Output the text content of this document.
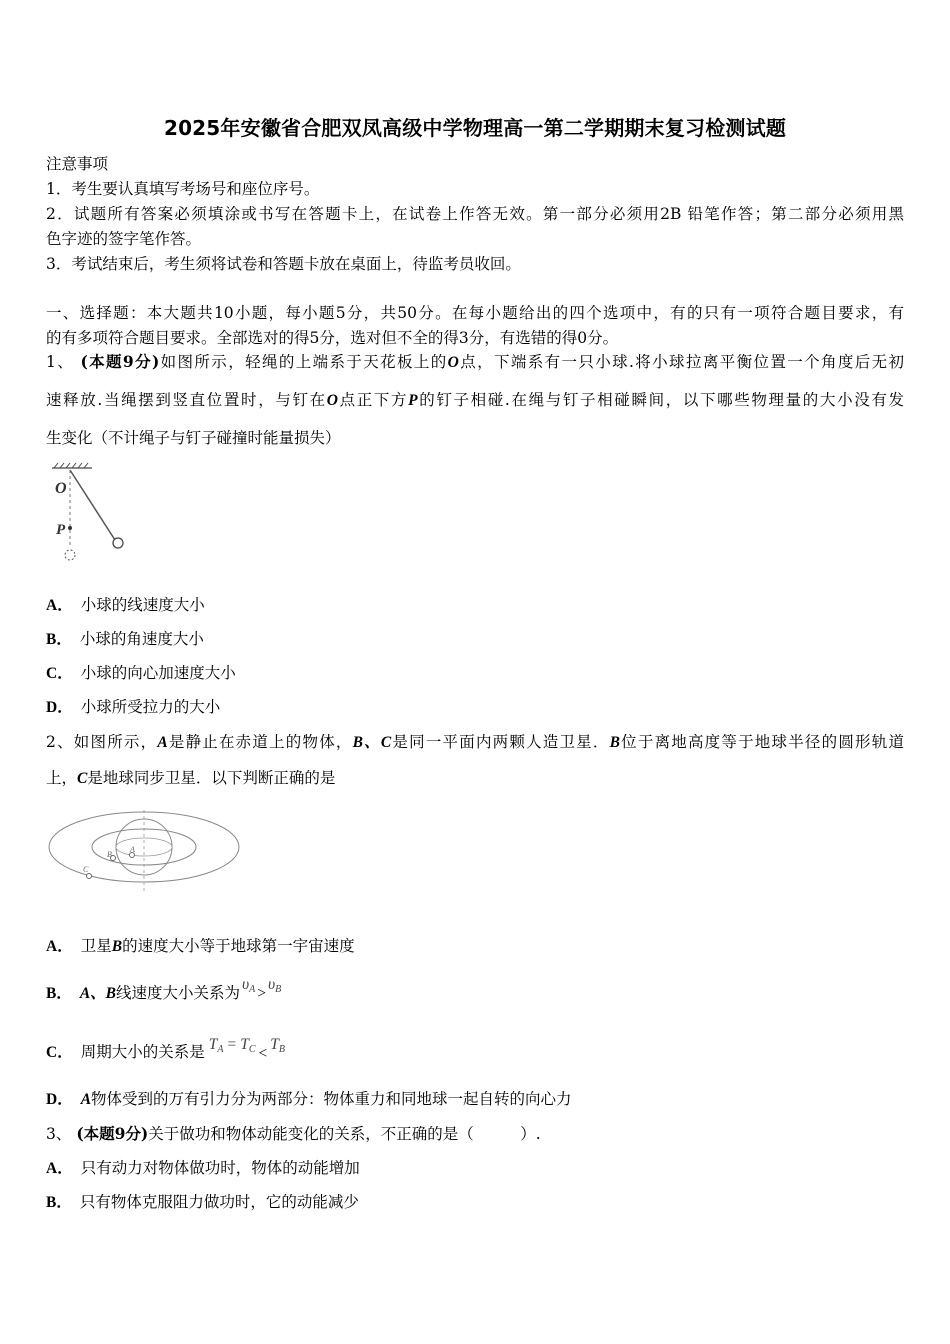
2025年安徽省合肥双凤高级中学物理高一第二学期期末复习检测试题
注意事项
1．考生要认真填写考场号和座位序号。
2．试题所有答案必须填涂或书写在答题卡上，在试卷上作答无效。第一部分必须用2B 铅笔作答；第二部分必须用黑
色字迹的签字笔作答。
3．考试结束后，考生须将试卷和答题卡放在桌面上，待监考员收回。
一、选择题：本大题共10小题，每小题5分，共50分。在每小题给出的四个选项中，有的只有一项符合题目要求，有
的有多项符合题目要求。全部选对的得5分，选对但不全的得3分，有选错的得0分。
1、 (本题9分)如图所示，轻绳的上端系于天花板上的O点，下端系有一只小球.将小球拉离平衡位置一个角度后无初
速释放.当绳摆到竖直位置时，与钉在O点正下方P的钉子相碰.在绳与钉子相碰瞬间，以下哪些物理量的大小没有发
生变化（不计绳子与钉子碰撞时能量损失）
O
P
A． 小球的线速度大小
B． 小球的角速度大小
C． 小球的向心加速度大小
D． 小球所受拉力的大小
2、如图所示，A是静止在赤道上的物体，B、C是同一平面内两颗人造卫星．B位于离地高度等于地球半径的圆形轨道
上，C是地球同步卫星．以下判断正确的是
A
B
C
A． 卫星B的速度大小等于地球第一宇宙速度
B． A、B线速度大小关系为 $\upsilon_A >\upsilon_B$
C． 周期大小的关系是 $T_A = T_C <T_B$
D． A物体受到的万有引力分为两部分：物体重力和同地球一起自转的向心力
3、 (本题9分)关于做功和物体动能变化的关系，不正确的是（　　　）.
A． 只有动力对物体做功时，物体的动能增加
B． 只有物体克服阻力做功时，它的动能减少
